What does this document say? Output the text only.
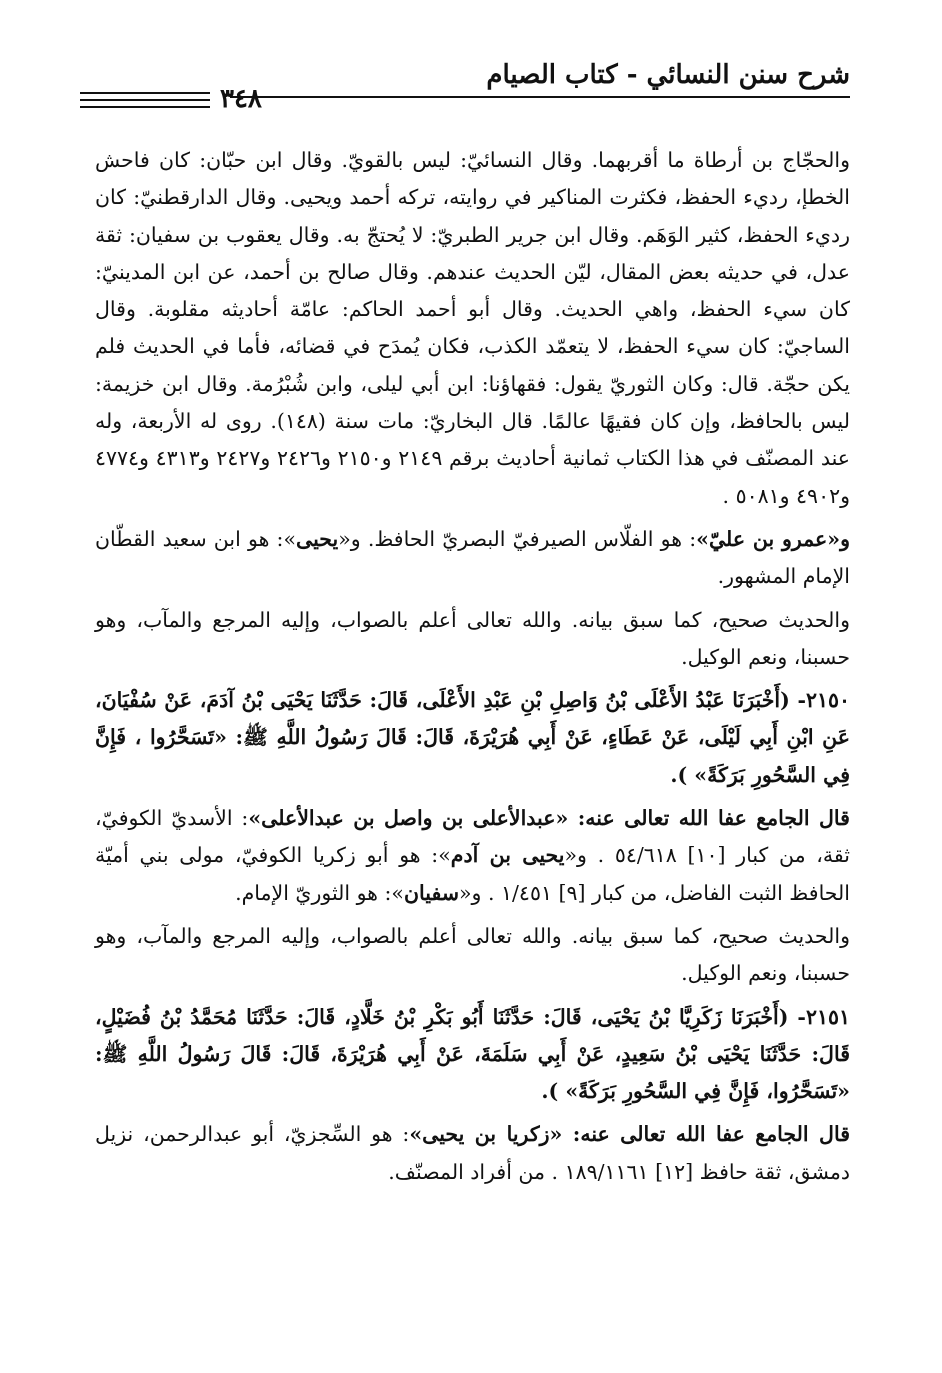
شرح سنن النسائي - كتاب الصيام
٣٤٨

والحجّاج بن أرطاة ما أقربهما. وقال النسائيّ: ليس بالقويّ. وقال ابن حبّان: كان فاحش الخطإ، رديء الحفظ، فكثرت المناكير في روايته، تركه أحمد ويحيى. وقال الدارقطنيّ: كان رديء الحفظ، كثير الوَهَم. وقال ابن جرير الطبريّ: لا يُحتجّ به. وقال يعقوب بن سفيان: ثقة عدل، في حديثه بعض المقال، ليّن الحديث عندهم. وقال صالح بن أحمد، عن ابن المدينيّ: كان سيء الحفظ، واهي الحديث. وقال أبو أحمد الحاكم: عامّة أحاديثه مقلوبة. وقال الساجيّ: كان سيء الحفظ، لا يتعمّد الكذب، فكان يُمدَح في قضائه، فأما في الحديث فلم يكن حجّة. قال: وكان الثوريّ يقول: فقهاؤنا: ابن أبي ليلى، وابن شُبْرُمة. وقال ابن خزيمة: ليس بالحافظ، وإن كان فقيهًا عالمًا. قال البخاريّ: مات سنة (١٤٨). روى له الأربعة، وله عند المصنّف في هذا الكتاب ثمانية أحاديث برقم ٢١٤٩ و٢١٥٠ و٢٤٢٦ و٢٤٢٧ و٤٣١٣ و٤٧٧٤ و٤٩٠٢ و٥٠٨١ .

و«عمرو بن عليّ»: هو الفلّاس الصيرفيّ البصريّ الحافظ. و«يحيى»: هو ابن سعيد القطّان الإمام المشهور.

والحديث صحيح، كما سبق بيانه. والله تعالى أعلم بالصواب، وإليه المرجع والمآب، وهو حسبنا، ونعم الوكيل.

٢١٥٠- (أَخْبَرَنَا عَبْدُ الأَعْلَى بْنُ وَاصِلِ بْنِ عَبْدِ الأَعْلَى، قَالَ: حَدَّثَنَا يَحْيَى بْنُ آدَمَ، عَنْ سُفْيَانَ، عَنِ ابْنِ أَبِي لَيْلَى، عَنْ عَطَاءٍ، عَنْ أَبِي هُرَيْرَةَ، قَالَ: قَالَ رَسُولُ اللَّهِ ﷺ: «تَسَحَّرُوا ، فَإِنَّ فِي السَّحُورِ بَرَكَةً» ).

قال الجامع عفا الله تعالى عنه: «عبدالأعلى بن واصل بن عبدالأعلى»: الأسديّ الكوفيّ، ثقة، من كبار [١٠] ٥٤/٦١٨ . و«يحيى بن آدم»: هو أبو زكريا الكوفيّ، مولى بني أميّة الحافظ الثبت الفاضل، من كبار [٩] ١/٤٥١ . و«سفيان»: هو الثوريّ الإمام.

والحديث صحيح، كما سبق بيانه. والله تعالى أعلم بالصواب، وإليه المرجع والمآب، وهو حسبنا، ونعم الوكيل.

٢١٥١- (أَخْبَرَنَا زَكَرِيَّا بْنُ يَحْيَى، قَالَ: حَدَّثَنَا أَبُو بَكْرِ بْنُ خَلَّادٍ، قَالَ: حَدَّثَنَا مُحَمَّدُ بْنُ فُضَيْلٍ، قَالَ: حَدَّثَنَا يَحْيَى بْنُ سَعِيدٍ، عَنْ أَبِي سَلَمَةَ، عَنْ أَبِي هُرَيْرَةَ، قَالَ: قَالَ رَسُولُ اللَّهِ ﷺ: «تَسَحَّرُوا، فَإِنَّ فِي السَّحُورِ بَرَكَةً» ).

قال الجامع عفا الله تعالى عنه: «زكريا بن يحيى»: هو السِّجزيّ، أبو عبدالرحمن، نزيل دمشق، ثقة حافظ [١٢] ١٨٩/١١٦١ . من أفراد المصنّف.
